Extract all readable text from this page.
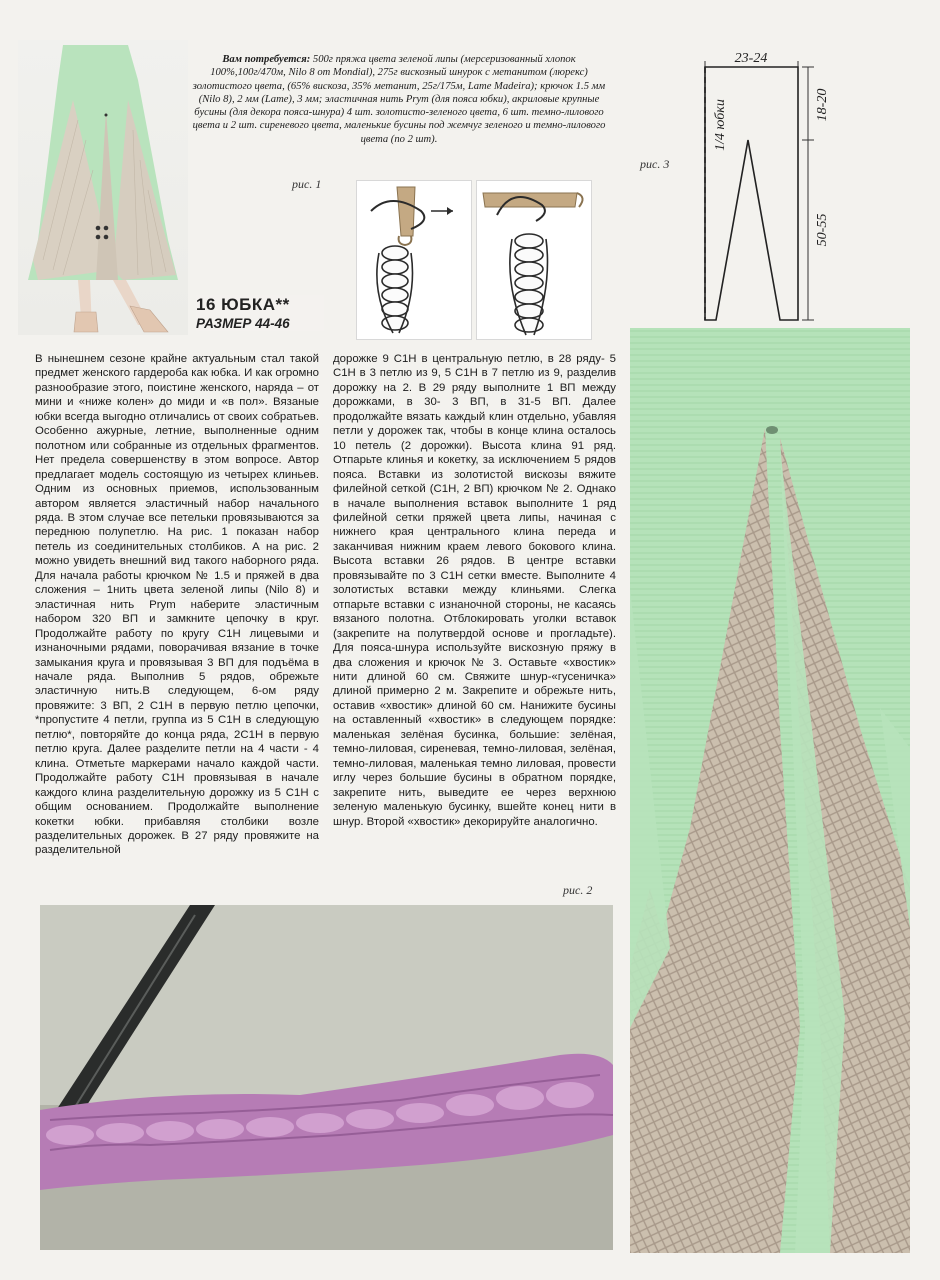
Вам потребуется: 500г пряжа цвета зеленой липы (мерсеризованный хлопок 100%,100г/470м, Nilo 8 от Mondial), 275г вискозный шнурок с метанитом (люрекс) золотистого цвета, (65% вискоза, 35% метанит, 25г/175м, Lame Madeira); крючок 1.5 мм (Nilo 8), 2 мм (Lame), 3 мм; эластичная нить Prym (для пояса юбки), акриловые крупные бусины (для декора пояса-шнура) 4 шт. золотисто-зеленого цвета, 6 шт. темно-лилового цвета и 2 шт. сиреневого цвета, маленькие бусины под жемчуг зеленого и темно-лилового цвета (по 2 шт).
рис. 1
16 ЮБКА**
РАЗМЕР 44-46
рис. 3
23-24
18-20
50-55
1/4 юбки

В нынешнем сезоне крайне актуальным стал такой предмет женского гардероба как юбка. И как огромно разнообразие этого, поистине женского, наряда – от мини и «ниже колен» до миди и «в пол». Вязаные юбки всегда выгодно отличались от своих собратьев. Особенно ажурные, летние, выполненные одним полотном или собранные из отдельных фрагментов. Нет предела совершенству в этом вопросе. Автор предлагает модель состоящую из четырех клиньев. Одним из основных приемов, использованным автором является эластичный набор начального ряда. В этом случае все петельки провязываются за переднюю полупетлю. На рис. 1 показан набор петель из соединительных столбиков. А на рис. 2 можно увидеть внешний вид такого наборного ряда. Для начала работы крючком № 1.5 и пряжей в два сложения – 1нить цвета зеленой липы (Nilo 8) и эластичная нить Prym наберите эластичным набором 320 ВП и замкните цепочку в круг. Продолжайте работу по кругу С1Н лицевыми и изнаночными рядами, поворачивая вязание в точке замыкания круга и провязывая 3 ВП для подъёма в начале ряда. Выполнив 5 рядов, обрежьте эластичную нить.В следующем, 6-ом ряду провяжите: 3 ВП, 2 С1Н в первую петлю цепочки, *пропустите 4 петли, группа из 5 С1Н в следующую петлю*, повторяйте до конца ряда, 2С1Н в первую петлю круга. Далее разделите петли на 4 части - 4 клина. Отметьте маркерами начало каждой части. Продолжайте работу С1Н провязывая в начале каждого клина разделительную дорожку из 5 С1Н с общим основанием. Продолжайте выполнение кокетки юбки. прибавляя столбики возле разделительных дорожек. В 27 ряду провяжите на разделительной

дорожке 9 С1Н в центральную петлю, в 28 ряду- 5 С1Н в 3 петлю из 9, 5 С1Н в 7 петлю из 9, разделив дорожку на 2. В 29 ряду выполните 1 ВП между дорожками, в 30- 3 ВП, в 31-5 ВП. Далее продолжайте вязать каждый клин отдельно, убавляя петли у дорожек так, чтобы в конце клина осталось 10 петель (2 дорожки). Высота клина 91 ряд. Отпарьте клинья и кокетку, за исключением 5 рядов пояса. Вставки из золотистой вискозы вяжите филейной сеткой (С1Н, 2 ВП) крючком № 2. Однако в начале выполнения вставок выполните 1 ряд филейной сетки пряжей цвета липы, начиная с нижнего края центрального клина переда и заканчивая нижним краем левого бокового клина. Высота вставки 26 рядов. В центре вставки провязывайте по 3 С1Н сетки вместе. Выполните 4 золотистых вставки между клиньями. Слегка отпарьте вставки с изнаночной стороны, не касаясь вязаного полотна. Отблокировать уголки вставок (закрепите на полутвердой основе и прогладьте). Для пояса-шнура используйте вискозную пряжу в два сложения и крючок № 3. Оставьте «хвостик» нити длиной 60 см. Свяжите шнур-«гусеничка» длиной примерно 2 м. Закрепите и обрежьте нить, оставив «хвостик» длиной 60 см. Нанижите бусины на оставленный «хвостик» в следующем порядке: маленькая зелёная бусинка, большие: зелёная, темно-лиловая, сиреневая, темно-лиловая, зелёная, темно-лиловая, маленькая темно лиловая, провести иглу через большие бусины в обратном порядке, закрепите нить, выведите ее через верхнюю зеленую маленькую бусинку, вшейте конец нити в шнур. Второй «хвостик» декорируйте аналогично.

рис. 2
